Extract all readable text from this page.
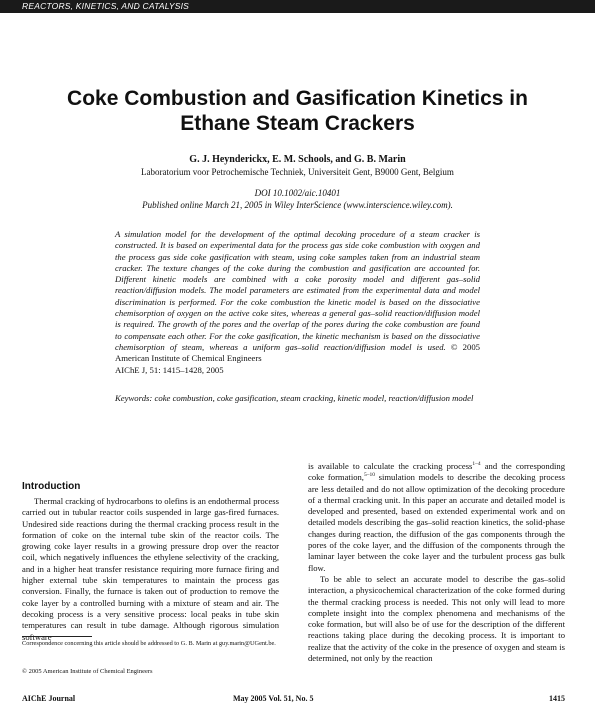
REACTORS, KINETICS, AND CATALYSIS
Coke Combustion and Gasification Kinetics in Ethane Steam Crackers
G. J. Heynderickx, E. M. Schools, and G. B. Marin
Laboratorium voor Petrochemische Techniek, Universiteit Gent, B9000 Gent, Belgium
DOI 10.1002/aic.10401
Published online March 21, 2005 in Wiley InterScience (www.interscience.wiley.com).
A simulation model for the development of the optimal decoking procedure of a steam cracker is constructed. It is based on experimental data for the process gas side coke combustion with oxygen and the process gas side coke gasification with steam, using coke samples taken from an industrial steam cracker. The texture changes of the coke during the combustion and gasification are accounted for. Different kinetic models are combined with a coke porosity model and different gas–solid reaction/diffusion models. The model parameters are estimated from the experimental data and model discrimination is performed. For the coke combustion the kinetic model is based on the dissociative chemisorption of oxygen on the active coke sites, whereas a general gas–solid reaction/diffusion model is required. The growth of the pores and the overlap of the pores during the coke combustion are found to compensate each other. For the coke gasification, the kinetic mechanism is based on the dissociative chemisorption of steam, whereas a uniform gas–solid reaction/diffusion model is used. © 2005 American Institute of Chemical Engineers
AIChE J, 51: 1415–1428, 2005
Keywords: coke combustion, coke gasification, steam cracking, kinetic model, reaction/diffusion model
Introduction

Thermal cracking of hydrocarbons to olefins is an endothermal process carried out in tubular reactor coils suspended in large gas-fired furnaces. Undesired side reactions during the thermal cracking process result in the formation of coke on the internal tube skin of the reactor coils. The growing coke layer results in a growing pressure drop over the reactor coil, which negatively influences the ethylene selectivity of the cracking, and in a higher heat transfer resistance requiring more furnace firing and higher external tube skin temperatures to maintain the process gas conversion. Finally, the furnace is taken out of production to remove the coke layer by a controlled burning with a mixture of steam and air. The decoking process is a very sensitive process: local peaks in tube skin temperatures can result in tube damage. Although rigorous simulation software

is available to calculate the cracking process$^{1-4}$ and the corresponding coke formation,$^{5-10}$ simulation models to describe the decoking process are less detailed and do not allow optimization of the decoking procedure of a thermal cracking unit. In this paper an accurate and detailed model is developed and presented, based on extended experimental work and on detailed models describing the gas–solid reaction kinetics, the solid-phase changes during reaction, the diffusion of the gas components through the pores of the coke layer, and the diffusion of the components through the laminar layer between the coke layer and the turbulent process gas bulk flow.

To be able to select an accurate model to describe the gas–solid interaction, a physicochemical characterization of the coke formed during the thermal cracking process is needed. This not only will lead to more complete insight into the complex phenomena and mechanisms of the coke formation, but will also be of use for the description of the different reactions taking place during the decoking process. It is important to realize that the activity of the coke in the presence of oxygen and steam is determined, not only by the reaction

Correspondence concerning this article should be addressed to G. B. Marin at guy.marin@UGent.be.
© 2005 American Institute of Chemical Engineers
AIChE Journal	May 2005 Vol. 51, No. 5	1415
